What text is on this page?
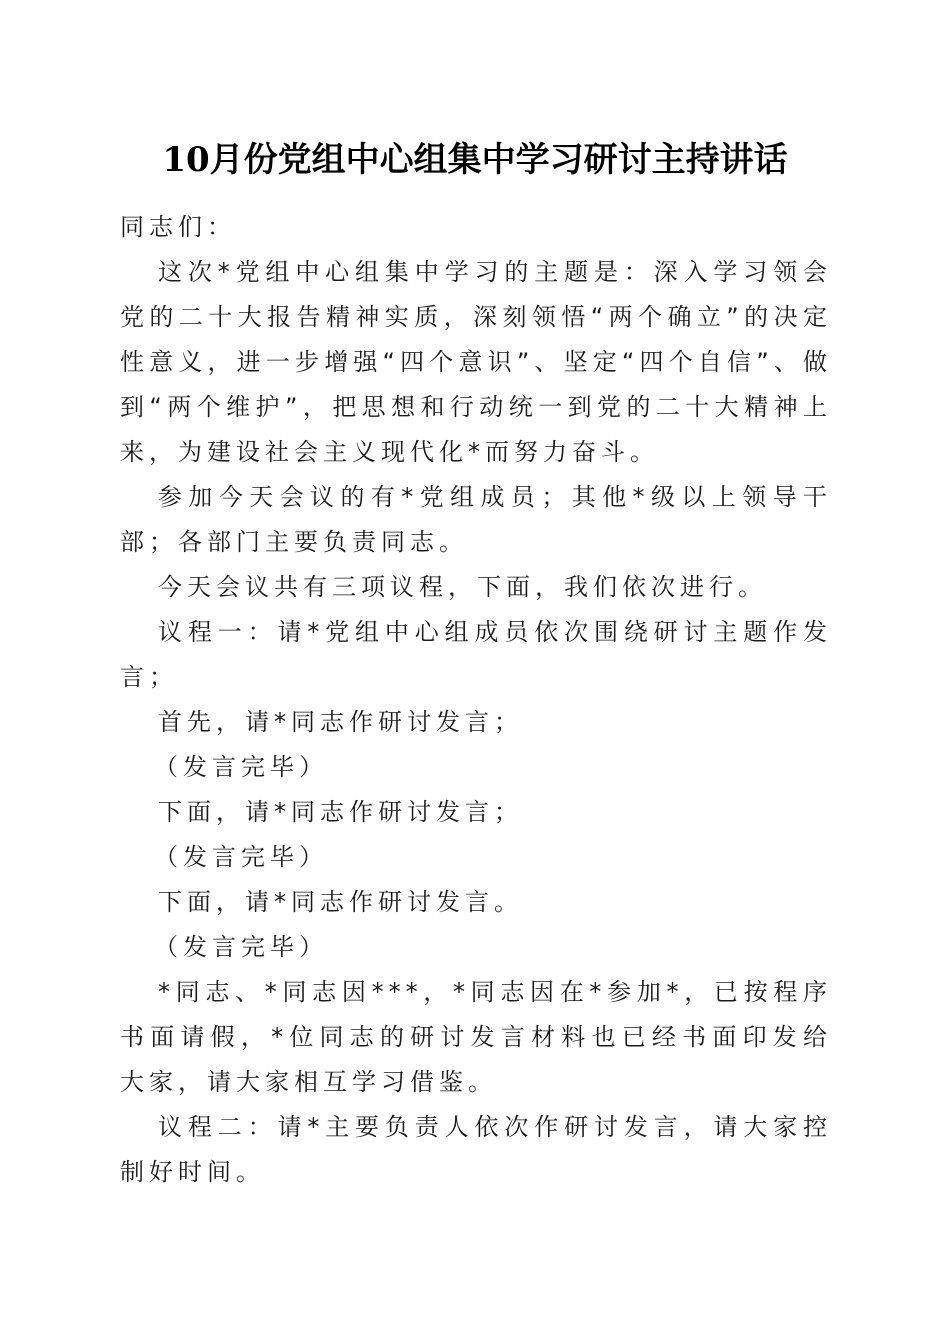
10月份党组中心组集中学习研讨主持讲话

同志们：

这次*党组中心组集中学习的主题是：深入学习领会党的二十大报告精神实质，深刻领悟“两个确立”的决定性意义，进一步增强“四个意识”、坚定“四个自信”、做到“两个维护”，把思想和行动统一到党的二十大精神上来，为建设社会主义现代化*而努力奋斗。

参加今天会议的有*党组成员；其他*级以上领导干部；各部门主要负责同志。

今天会议共有三项议程，下面，我们依次进行。

议程一：请*党组中心组成员依次围绕研讨主题作发言；

首先，请*同志作研讨发言；

（发言完毕）

下面，请*同志作研讨发言；

（发言完毕）

下面，请*同志作研讨发言。

（发言完毕）

*同志、*同志因***，*同志因在*参加*，已按程序书面请假，*位同志的研讨发言材料也已经书面印发给大家，请大家相互学习借鉴。

议程二：请*主要负责人依次作研讨发言，请大家控制好时间。
